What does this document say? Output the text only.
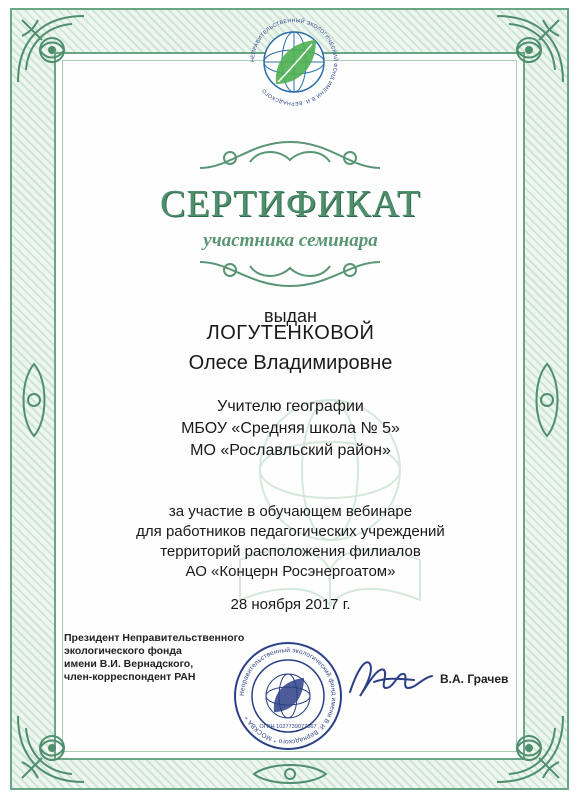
НЕПРАВИТЕЛЬСТВЕННЫЙ ЭКОЛОГИЧЕСКИЙ ФОНД ИМЕНИ В.И. ВЕРНАДСКОГО
СЕРТИФИКАТ
участника семинара
выдан
ЛОГУТЕНКОВОЙ
Олесе Владимировне
Учителю географии
МБОУ «Средняя школа № 5»
МО «Рославльский район»
за участие в обучающем вебинаре
для работников педагогических учреждений
территорий расположения филиалов
АО «Концерн Росэнергоатом»
28 ноября 2017 г.
Президент Неправительственного
экологического фонда
имени В.И. Вернадского,
член-корреспондент РАН
Неправительственный экологический фонд имени В.И. Вернадского * МОСКВА *
ОГРН 1027739077367
В.А. Грачев
